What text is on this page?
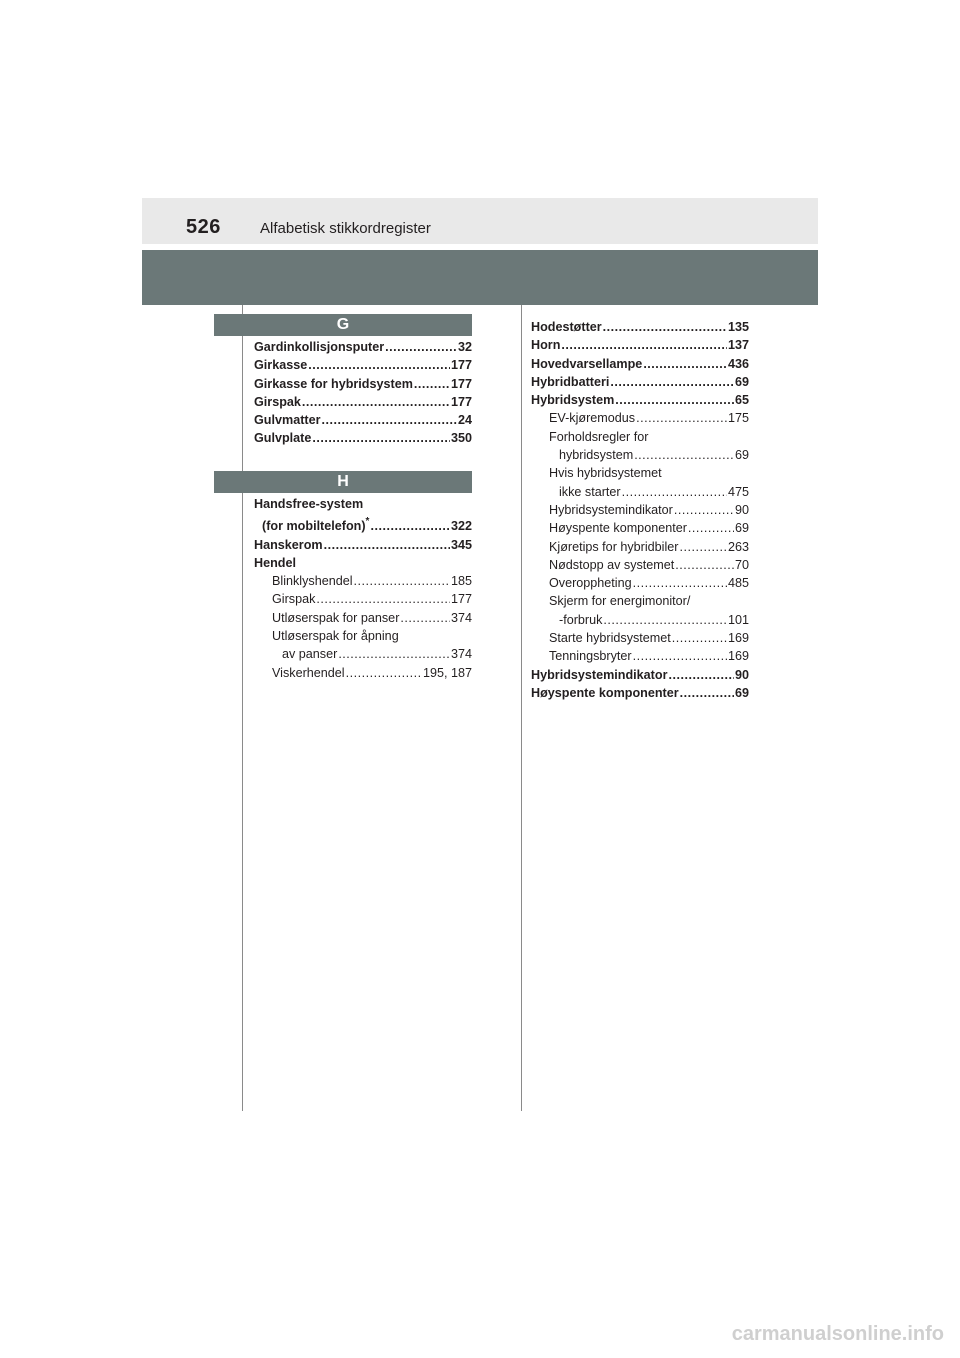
526	Alfabetisk stikkordregister
G
Gardinkollisjonsputer .....	32
Girkasse .....	177
Girkasse for hybridsystem .....	177
Girspak .....	177
Gulvmatter .....	24
Gulvplate .....	350
H
Handsfree-system
(for mobiltelefon)* .....	322
Hanskerom .....	345
Hendel
Blinklyshendel .....	185
Girspak .....	177
Utløserspak for panser .....	374
Utløserspak for åpning
av panser .....	374
Viskerhendel .....	195, 187
Hodestøtter .....	135
Horn .....	137
Hovedvarsellampe .....	436
Hybridbatteri .....	69
Hybridsystem .....	65
EV-kjøremodus .....	175
Forholdsregler for
hybridsystem .....	69
Hvis hybridsystemet
ikke starter .....	475
Hybridsystemindikator .....	90
Høyspente komponenter .....	69
Kjøretips for hybridbiler .....	263
Nødstopp av systemet .....	70
Overoppheting .....	485
Skjerm for energimonitor/
-forbruk .....	101
Starte hybridsystemet .....	169
Tenningsbryter .....	169
Hybridsystemindikator .....	90
Høyspente komponenter .....	69
carmanualsonline.info
